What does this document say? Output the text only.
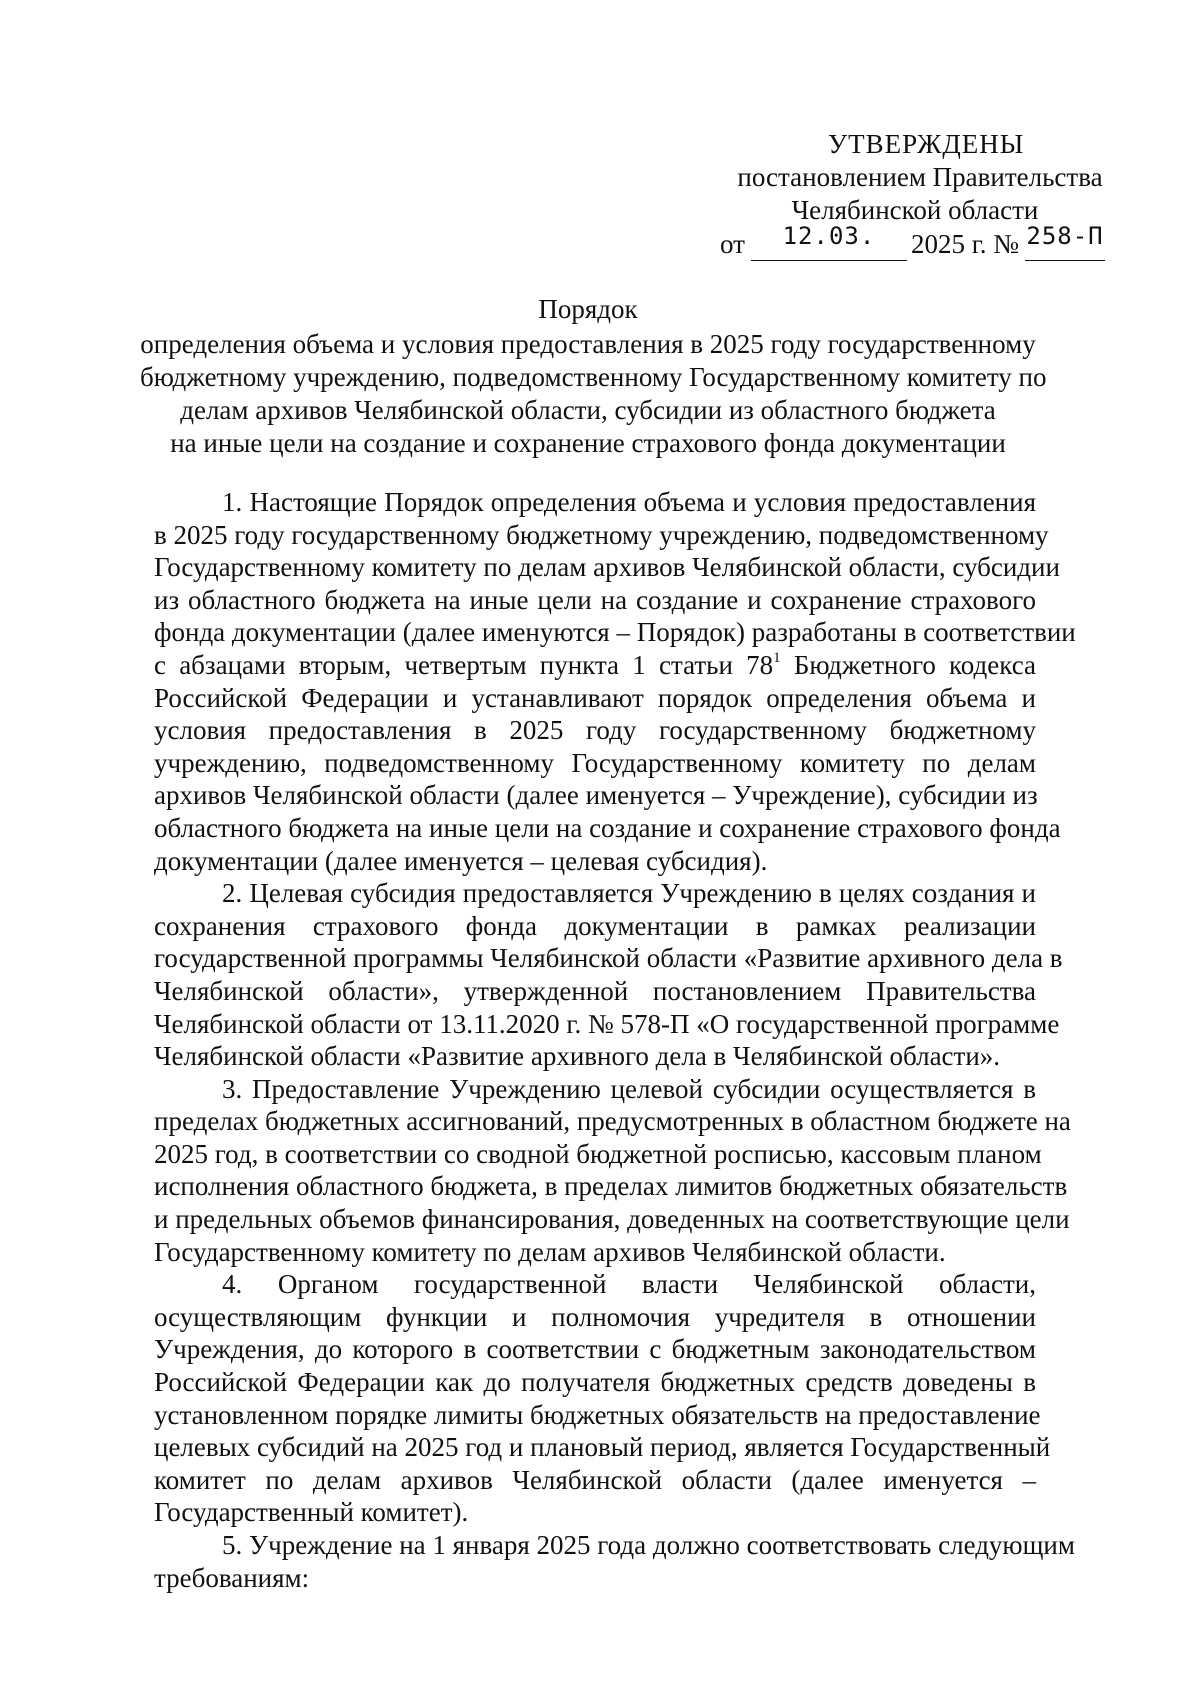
УТВЕРЖДЕНЫ
постановлением Правительства
Челябинской области
от	12.03.	2025 г. № 258-П
Порядок
определения объема и условия предоставления в 2025 году государственному
бюджетному учреждению, подведомственному Государственному комитету по
делам архивов Челябинской области, субсидии из областного бюджета
на иные цели на создание и сохранение страхового фонда документации
1. Настоящие Порядок определения объема и условия предоставления
в 2025 году государственному бюджетному учреждению, подведомственному
Государственному комитету по делам архивов Челябинской области, субсидии
из областного бюджета на иные цели на создание и сохранение страхового
фонда документации (далее именуются – Порядок) разработаны в соответствии
с абзацами вторым, четвертым пункта 1 статьи $78^1$ Бюджетного кодекса
Российской Федерации и устанавливают порядок определения объема и
условия предоставления в 2025 году государственному бюджетному
учреждению, подведомственному Государственному комитету по делам
архивов Челябинской области (далее именуется – Учреждение), субсидии из
областного бюджета на иные цели на создание и сохранение страхового фонда
документации (далее именуется – целевая субсидия).
2. Целевая субсидия предоставляется Учреждению в целях создания и
сохранения страхового фонда документации в рамках реализации
государственной программы Челябинской области «Развитие архивного дела в
Челябинской области», утвержденной постановлением Правительства
Челябинской области от 13.11.2020 г. № 578-П «О государственной программе
Челябинской области «Развитие архивного дела в Челябинской области».
3. Предоставление Учреждению целевой субсидии осуществляется в
пределах бюджетных ассигнований, предусмотренных в областном бюджете на
2025 год, в соответствии со сводной бюджетной росписью, кассовым планом
исполнения областного бюджета, в пределах лимитов бюджетных обязательств
и предельных объемов финансирования, доведенных на соответствующие цели
Государственному комитету по делам архивов Челябинской области.
4. Органом государственной власти Челябинской области,
осуществляющим функции и полномочия учредителя в отношении
Учреждения, до которого в соответствии с бюджетным законодательством
Российской Федерации как до получателя бюджетных средств доведены в
установленном порядке лимиты бюджетных обязательств на предоставление
целевых субсидий на 2025 год и плановый период, является Государственный
комитет по делам архивов Челябинской области (далее именуется –
Государственный комитет).
5. Учреждение на 1 января 2025 года должно соответствовать следующим
требованиям:
